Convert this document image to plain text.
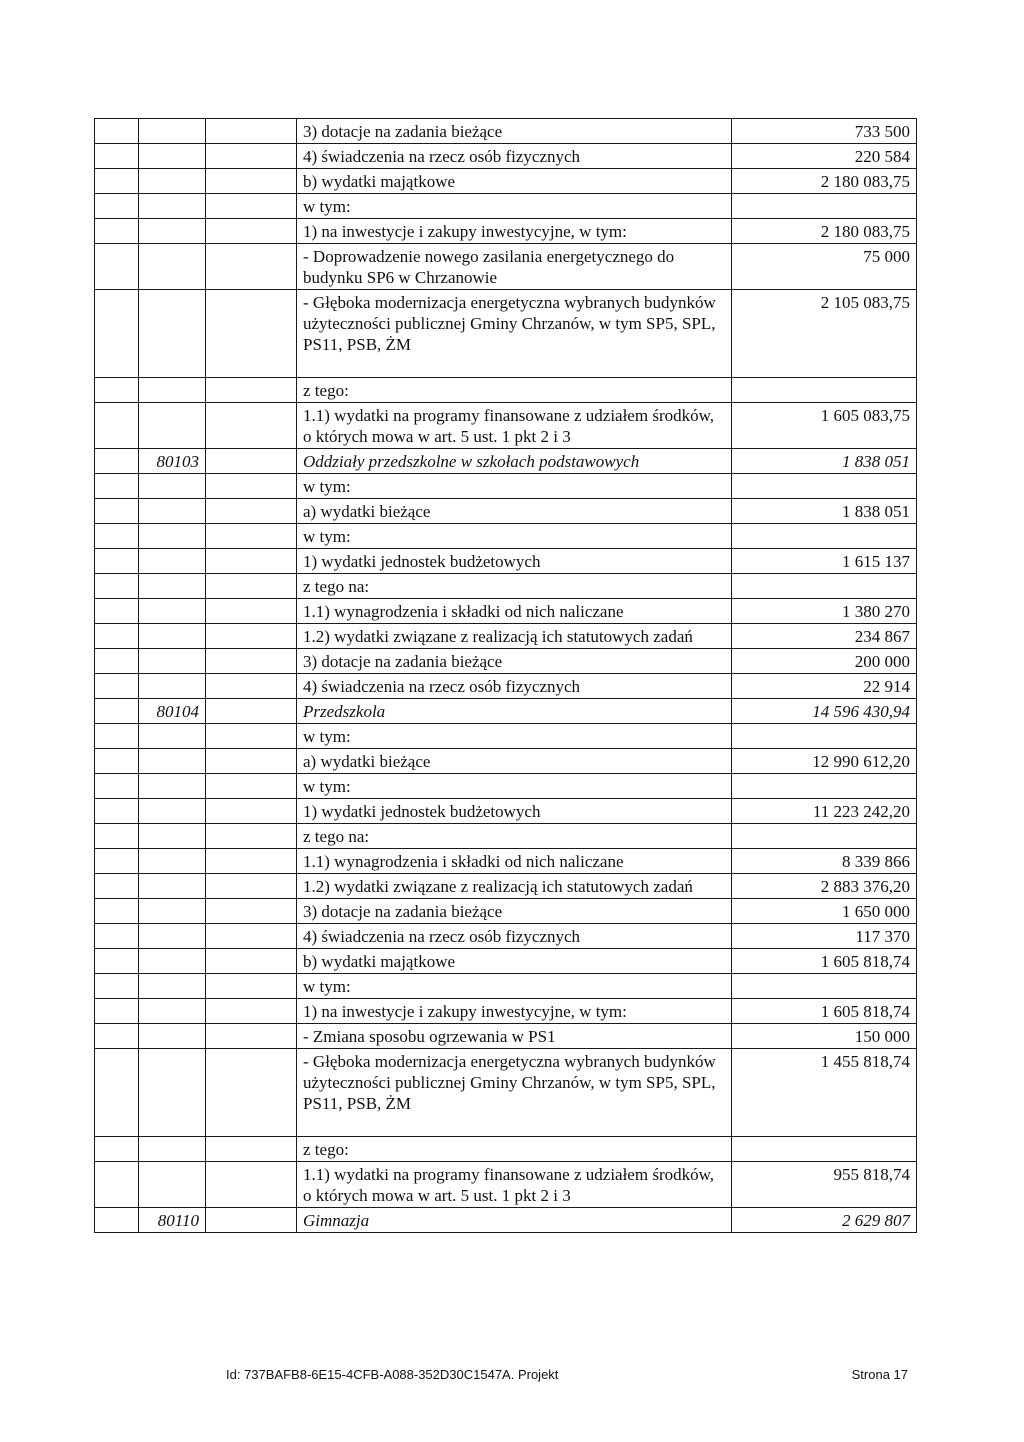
			3) dotacje na zadania bieżące	733 500
			4) świadczenia na rzecz osób fizycznych	220 584
			b) wydatki majątkowe	2 180 083,75
			w tym:	
			1) na inwestycje i zakupy inwestycyjne, w tym:	2 180 083,75
			- Doprowadzenie nowego zasilania energetycznego do budynku SP6 w Chrzanowie	75 000
			- Głęboka modernizacja energetyczna wybranych budynków użyteczności publicznej Gminy Chrzanów, w tym SP5, SPL, PS11, PSB, ŻM	2 105 083,75
			z tego:	
			1.1) wydatki na programy finansowane z udziałem środków, o których mowa w art. 5 ust. 1 pkt 2 i 3	1 605 083,75
	80103		Oddziały przedszkolne w szkołach podstawowych	1 838 051
			w tym:	
			a) wydatki bieżące	1 838 051
			w tym:	
			1) wydatki jednostek budżetowych	1 615 137
			z tego na:	
			1.1) wynagrodzenia i składki od nich naliczane	1 380 270
			1.2) wydatki związane z realizacją ich statutowych zadań	234 867
			3) dotacje na zadania bieżące	200 000
			4) świadczenia na rzecz osób fizycznych	22 914
	80104		Przedszkola	14 596 430,94
			w tym:	
			a) wydatki bieżące	12 990 612,20
			w tym:	
			1) wydatki jednostek budżetowych	11 223 242,20
			z tego na:	
			1.1) wynagrodzenia i składki od nich naliczane	8 339 866
			1.2) wydatki związane z realizacją ich statutowych zadań	2 883 376,20
			3) dotacje na zadania bieżące	1 650 000
			4) świadczenia na rzecz osób fizycznych	117 370
			b) wydatki majątkowe	1 605 818,74
			w tym:	
			1) na inwestycje i zakupy inwestycyjne, w tym:	1 605 818,74
			- Zmiana sposobu ogrzewania w PS1	150 000
			- Głęboka modernizacja energetyczna wybranych budynków użyteczności publicznej Gminy Chrzanów, w tym SP5, SPL, PS11, PSB, ŻM	1 455 818,74
			z tego:	
			1.1) wydatki na programy finansowane z udziałem środków, o których mowa w art. 5 ust. 1 pkt 2 i 3	955 818,74
	80110		Gimnazja	2 629 807
Id: 737BAFB8-6E15-4CFB-A088-352D30C1547A. Projekt	Strona 17
